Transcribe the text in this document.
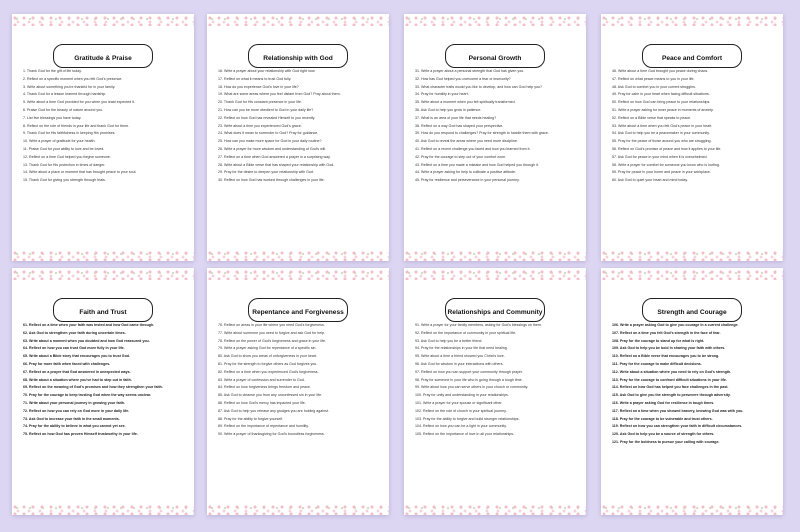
Gratitude & Praise
1. Thank God for the gift of life today.
2. Reflect on a specific moment when you felt God's presence.
3. Write about something you're thankful for in your family.
4. Thank God for a lesson learned through hardship.
5. Write about a time God provided for you when you least expected it.
6. Praise God for the beauty of nature around you.
7. List five blessings you have today.
8. Reflect on the role of friends in your life and thank God for them.
9. Thank God for His faithfulness in keeping His promises.
10. Write a prayer of gratitude for your health.
11. Praise God for your ability to love and be loved.
12. Reflect on a time God helped you forgive someone.
13. Thank God for His protection in times of danger.
14. Write about a place or moment that has brought peace to your soul.
15. Thank God for giving you strength through trials.
Relationship with God
16. Write a prayer about your relationship with God right now.
17. Reflect on what it means to trust God fully.
18. How do you experience God's love in your life?
19. What are some areas where you feel distant from God? Pray about them.
20. Thank God for His constant presence in your life.
21. How can you be more obedient to God in your daily life?
22. Reflect on how God has revealed Himself to you recently.
23. Write about a time you experienced God's grace.
24. What does it mean to surrender to God? Pray for guidance.
25. How can you make more space for God in your daily routine?
26. Write a prayer for more wisdom and understanding of God's will.
27. Reflect on a time when God answered a prayer in a surprising way.
28. Write about a Bible verse that has shaped your relationship with God.
29. Pray for the desire to deepen your relationship with God.
30. Reflect on how God has worked through challenges in your life.
Personal Growth
31. Write a prayer about a personal strength that God has given you.
32. How has God helped you overcome a fear or insecurity?
33. What character traits would you like to develop, and how can God help you?
34. Pray for humility in your heart.
35. Write about a moment when you felt spiritually transformed.
36. Ask God to help you grow in patience.
37. What is an area of your life that needs healing?
38. Reflect on a way God has shaped your perspective.
39. How do you respond to challenges? Pray for strength to handle them with grace.
40. Ask God to reveal the areas where you need more discipline.
41. Reflect on a recent challenge you faced and how you learned from it.
42. Pray for the courage to step out of your comfort zone.
43. Reflect on a time you made a mistake and how God helped you through it.
44. Write a prayer asking for help to cultivate a positive attitude.
45. Pray for resilience and perseverance in your personal journey.
Peace and Comfort
46. Write about a time God brought you peace during chaos.
47. Reflect on what peace means to you in your life.
48. Ask God to comfort you in your current struggles.
49. Pray for calm in your heart when facing difficult situations.
50. Reflect on how God can bring peace to your relationships.
51. Write a prayer asking for inner peace in moments of anxiety.
52. Reflect on a Bible verse that speaks to peace.
53. Write about a time when you felt God's peace in your heart.
54. Ask God to help you be a peacemaker in your community.
55. Pray for the peace of those around you who are struggling.
56. Reflect on God's promise of peace and how it applies to your life.
57. Ask God for peace in your mind when it is overwhelmed.
58. Write a prayer for comfort for someone you know who is hurting.
59. Pray for peace in your home and peace in your workplace.
60. Ask God to quiet your heart and mind today.
Faith and Trust
61. Reflect on a time when your faith was tested and how God came through.
62. Ask God to strengthen your faith during uncertain times.
63. Write about a moment when you doubted and how God reassured you.
64. Reflect on how you can trust God more fully in your life.
65. Write about a Bible story that encourages you to trust God.
66. Pray for more faith when faced with challenges.
67. Reflect on a prayer that God answered in unexpected ways.
68. Write about a situation where you've had to step out in faith.
69. Reflect on the meaning of God's promises and how they strengthen your faith.
70. Pray for the courage to keep trusting God when the way seems unclear.
71. Write about your personal journey in growing your faith.
72. Reflect on how you can rely on God more in your daily life.
73. Ask God to increase your faith in the small moments.
74. Pray for the ability to believe in what you cannot yet see.
75. Reflect on how God has proven Himself trustworthy in your life.
Repentance and Forgiveness
76. Reflect on areas in your life where you need God's forgiveness.
77. Write about someone you need to forgive and ask God for help.
78. Reflect on the power of God's forgiveness and grace in your life.
79. Write a prayer asking God for repentance of a specific sin.
80. Ask God to show you areas of unforgiveness in your heart.
81. Pray for the strength to forgive others as God forgives you.
82. Reflect on a time when you experienced God's forgiveness.
83. Write a prayer of confession and surrender to God.
84. Reflect on how forgiveness brings freedom and peace.
85. Ask God to cleanse you from any unconfessed sin in your life.
86. Reflect on how God's mercy has impacted your life.
87. Ask God to help you release any grudges you are holding against.
88. Pray for the ability to forgive yourself.
89. Reflect on the importance of repentance and humility.
90. Write a prayer of thanksgiving for God's boundless forgiveness.
Relationships and Community
91. Write a prayer for your family members, asking for God's blessings on them.
92. Reflect on the importance of community in your spiritual life.
93. Ask God to help you be a better friend.
94. Pray for the relationships in your life that need healing.
95. Write about a time a friend showed you Christ's love.
96. Ask God for wisdom in your interactions with others.
97. Reflect on how you can support your community through prayer.
98. Pray for someone in your life who is going through a tough time.
99. Write about how you can serve others in your church or community.
100. Pray for unity and understanding in your relationships.
101. Write a prayer for your spouse or significant other.
102. Reflect on the role of church in your spiritual journey.
103. Pray for the ability to forgive and build stronger relationships.
104. Reflect on how you can be a light in your community.
105. Reflect on the importance of love in all your relationships.
Strength and Courage
106. Write a prayer asking God to give you courage in a current challenge.
107. Reflect on a time you felt God's strength in the face of fear.
108. Pray for the courage to stand up for what is right.
109. Ask God to help you be bold in sharing your faith with others.
110. Reflect on a Bible verse that encourages you to be strong.
111. Pray for the courage to make difficult decisions.
112. Write about a situation where you need to rely on God's strength.
113. Pray for the courage to confront difficult situations in your life.
114. Reflect on how God has helped you face challenges in the past.
115. Ask God to give you the strength to persevere through adversity.
116. Write a prayer asking God for resilience in tough times.
117. Reflect on a time when you showed bravery, knowing God was with you.
118. Pray for the courage to be vulnerable and trust others.
119. Reflect on how you can strengthen your faith in difficult circumstances.
120. Ask God to help you be a source of strength for others.
121. Pray for the boldness to pursue your calling with courage.
